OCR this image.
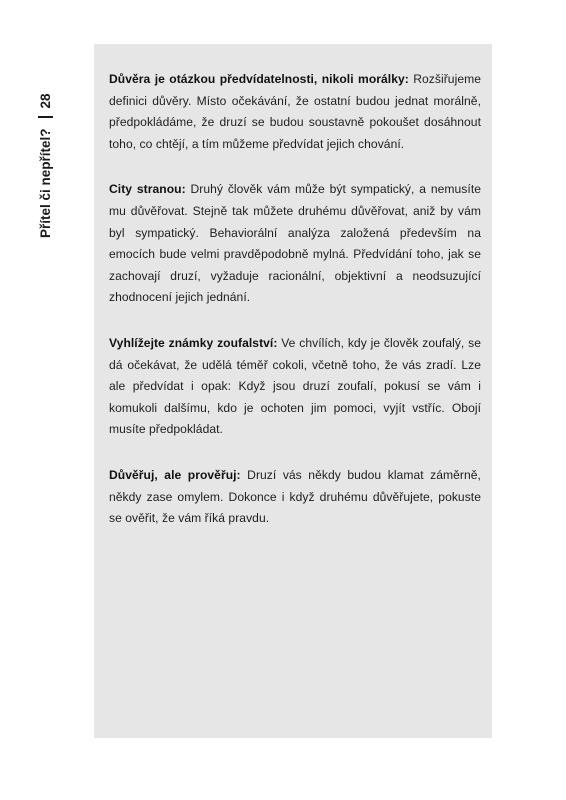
Přítel či nepřítel?
28

Důvěra je otázkou předvídatelnosti, nikoli morálky: Rozšiřujeme definici důvěry. Místo očekávání, že ostatní budou jednat morálně, předpokládáme, že druzí se budou soustavně pokoušet dosáhnout toho, co chtějí, a tím můžeme předvídat jejich chování.

City stranou: Druhý člověk vám může být sympatický, a nemusíte mu důvěřovat. Stejně tak můžete druhému důvěřovat, aniž by vám byl sympatický. Behaviorální analýza založená především na emocích bude velmi pravděpodobně mylná. Předvídání toho, jak se zachovají druzí, vyžaduje racionální, objektivní a neodsuzující zhodnocení jejich jednání.

Vyhlížejte známky zoufalství: Ve chvílích, kdy je člověk zoufalý, se dá očekávat, že udělá téměř cokoli, včetně toho, že vás zradí. Lze ale předvídat i opak: Když jsou druzí zoufalí, pokusí se vám i komukoli dalšímu, kdo je ochoten jim pomoci, vyjít vstříc. Obojí musíte předpokládat.

Důvěřuj, ale prověřuj: Druzí vás někdy budou klamat záměrně, někdy zase omylem. Dokonce i když druhému důvěřujete, pokuste se ověřit, že vám říká pravdu.
